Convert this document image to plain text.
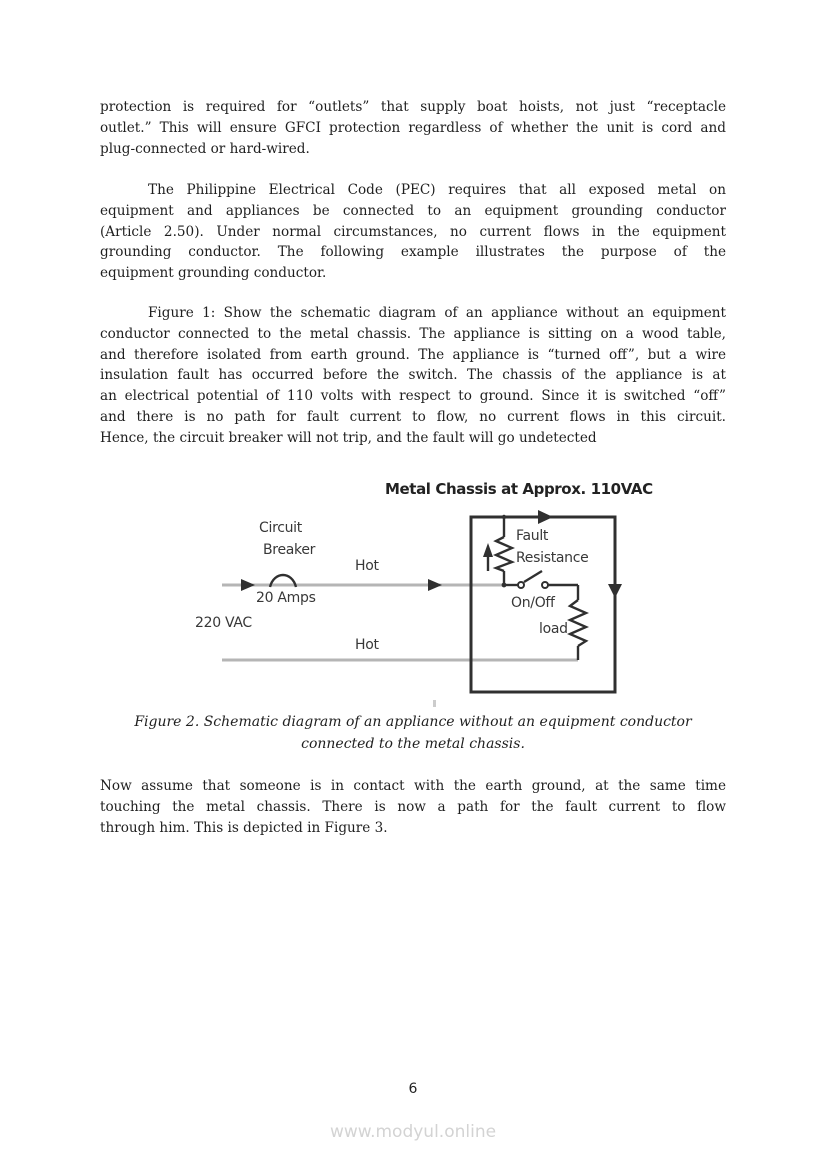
protection is required for “outlets” that supply boat hoists, not just “receptacle
outlet.” This will ensure GFCI protection regardless of whether the unit is cord and
plug-connected or hard-wired.
The Philippine Electrical Code (PEC) requires that all exposed metal on
equipment and appliances be connected to an equipment grounding conductor
(Article 2.50). Under normal circumstances, no current flows in the equipment
grounding conductor. The following example illustrates the purpose of the
equipment grounding conductor.
Figure 1: Show the schematic diagram of an appliance without an equipment
conductor connected to the metal chassis. The appliance is sitting on a wood table,
and therefore isolated from earth ground. The appliance is “turned off”, but a wire
insulation fault has occurred before the switch. The chassis of the appliance is at
an electrical potential of 110 volts with respect to ground. Since it is switched “off”
and there is no path for fault current to flow, no current flows in this circuit.
Hence, the circuit breaker will not trip, and the fault will go undetected
Metal Chassis at Approx. 110VAC
Circuit
Breaker
Hot
20 Amps
220 VAC
Hot
Fault
Resistance
On/Off
load
Figure 2. Schematic diagram of an appliance without an equipment conductor
connected to the metal chassis.
Now assume that someone is in contact with the earth ground, at the same time
touching the metal chassis. There is now a path for the fault current to flow
through him. This is depicted in Figure 3.
6
www.modyul.online
